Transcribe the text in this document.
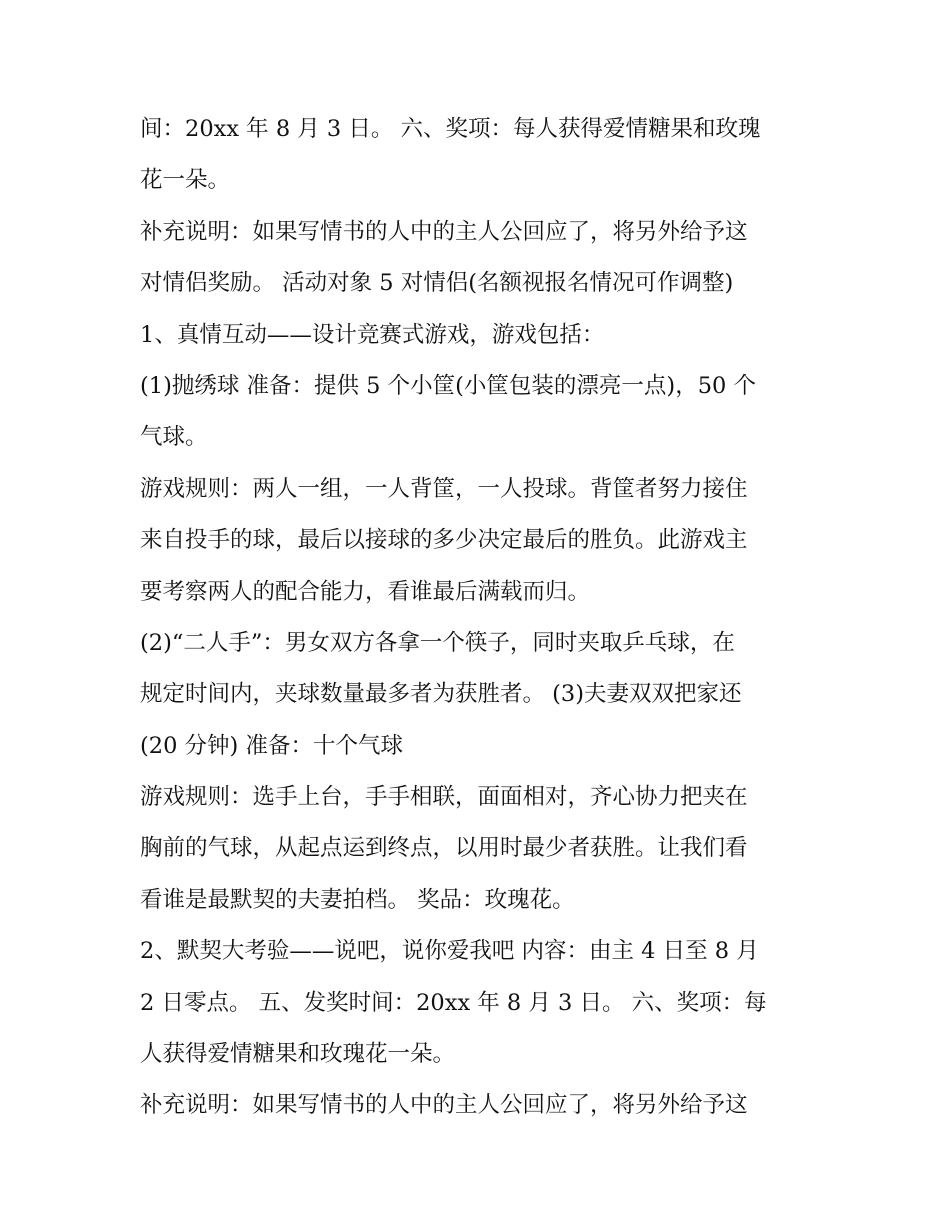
间：20xx 年 8 月 3 日。 六、奖项：每人获得爱情糖果和玫瑰
花一朵。
补充说明：如果写情书的人中的主人公回应了，将另外给予这
对情侣奖励。 活动对象 5 对情侣(名额视报名情况可作调整)
1、真情互动——设计竞赛式游戏，游戏包括：
(1)抛绣球 准备：提供 5 个小筐(小筐包装的漂亮一点)，50 个
气球。
游戏规则：两人一组，一人背筐，一人投球。背筐者努力接住
来自投手的球，最后以接球的多少决定最后的胜负。此游戏主
要考察两人的配合能力，看谁最后满载而归。
(2)“二人手”：男女双方各拿一个筷子，同时夹取乒乓球，在
规定时间内，夹球数量最多者为获胜者。 (3)夫妻双双把家还
(20 分钟) 准备：十个气球
游戏规则：选手上台，手手相联，面面相对，齐心协力把夹在
胸前的气球，从起点运到终点，以用时最少者获胜。让我们看
看谁是最默契的夫妻拍档。 奖品：玫瑰花。
2、默契大考验——说吧，说你爱我吧 内容：由主 4 日至 8 月
2 日零点。 五、发奖时间：20xx 年 8 月 3 日。 六、奖项：每
人获得爱情糖果和玫瑰花一朵。
补充说明：如果写情书的人中的主人公回应了，将另外给予这
